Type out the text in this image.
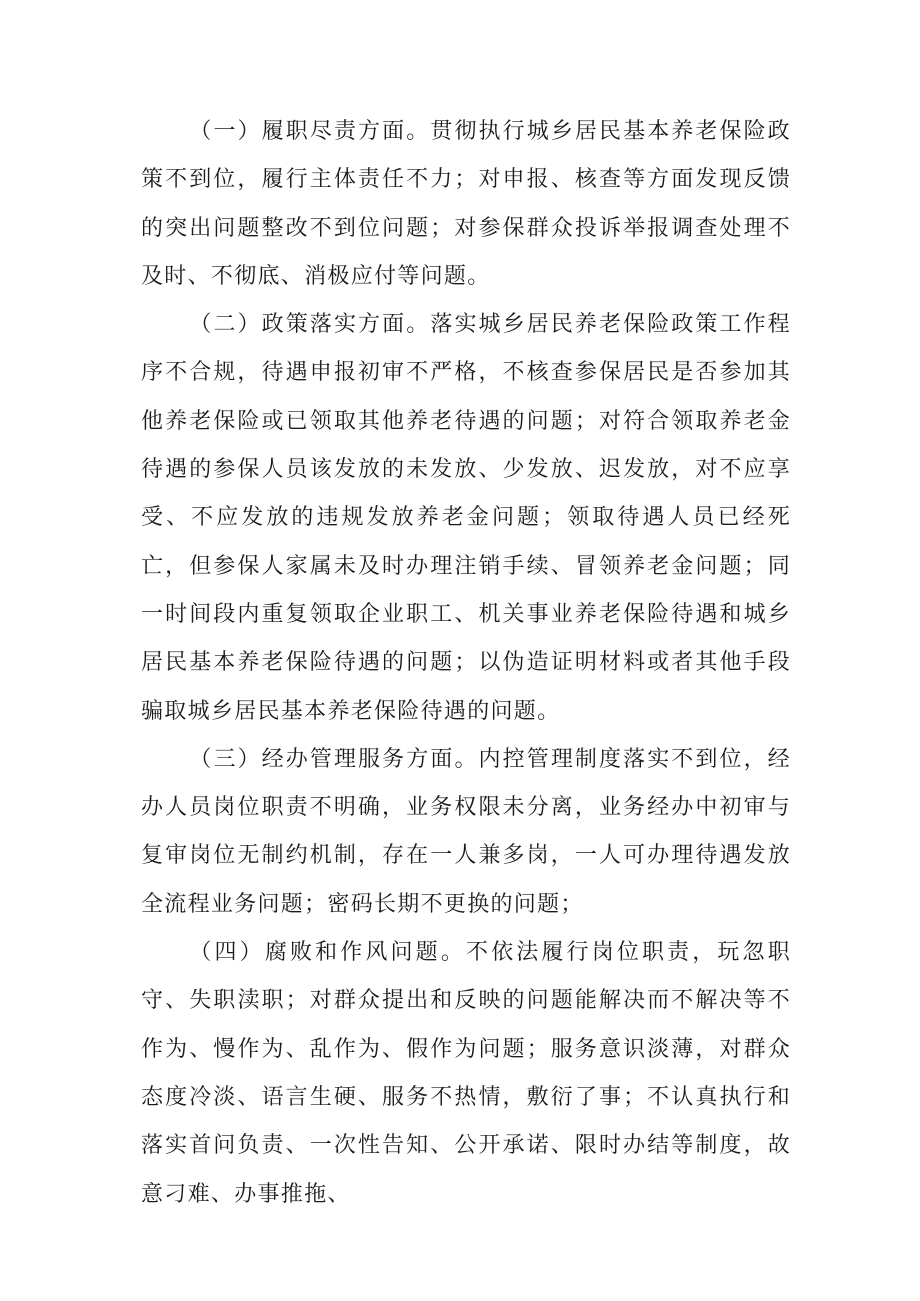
（一）履职尽责方面。贯彻执行城乡居民基本养老保险政策不到位，履行主体责任不力；对申报、核查等方面发现反馈的突出问题整改不到位问题；对参保群众投诉举报调查处理不及时、不彻底、消极应付等问题。

（二）政策落实方面。落实城乡居民养老保险政策工作程序不合规，待遇申报初审不严格，不核查参保居民是否参加其他养老保险或已领取其他养老待遇的问题；对符合领取养老金待遇的参保人员该发放的未发放、少发放、迟发放，对不应享受、不应发放的违规发放养老金问题；领取待遇人员已经死亡，但参保人家属未及时办理注销手续、冒领养老金问题；同一时间段内重复领取企业职工、机关事业养老保险待遇和城乡居民基本养老保险待遇的问题；以伪造证明材料或者其他手段骗取城乡居民基本养老保险待遇的问题。

（三）经办管理服务方面。内控管理制度落实不到位，经办人员岗位职责不明确，业务权限未分离，业务经办中初审与复审岗位无制约机制，存在一人兼多岗，一人可办理待遇发放全流程业务问题；密码长期不更换的问题；

（四）腐败和作风问题。不依法履行岗位职责，玩忽职守、失职渎职；对群众提出和反映的问题能解决而不解决等不作为、慢作为、乱作为、假作为问题；服务意识淡薄，对群众态度冷淡、语言生硬、服务不热情，敷衍了事；不认真执行和落实首问负责、一次性告知、公开承诺、限时办结等制度，故意刁难、办事推拖、
